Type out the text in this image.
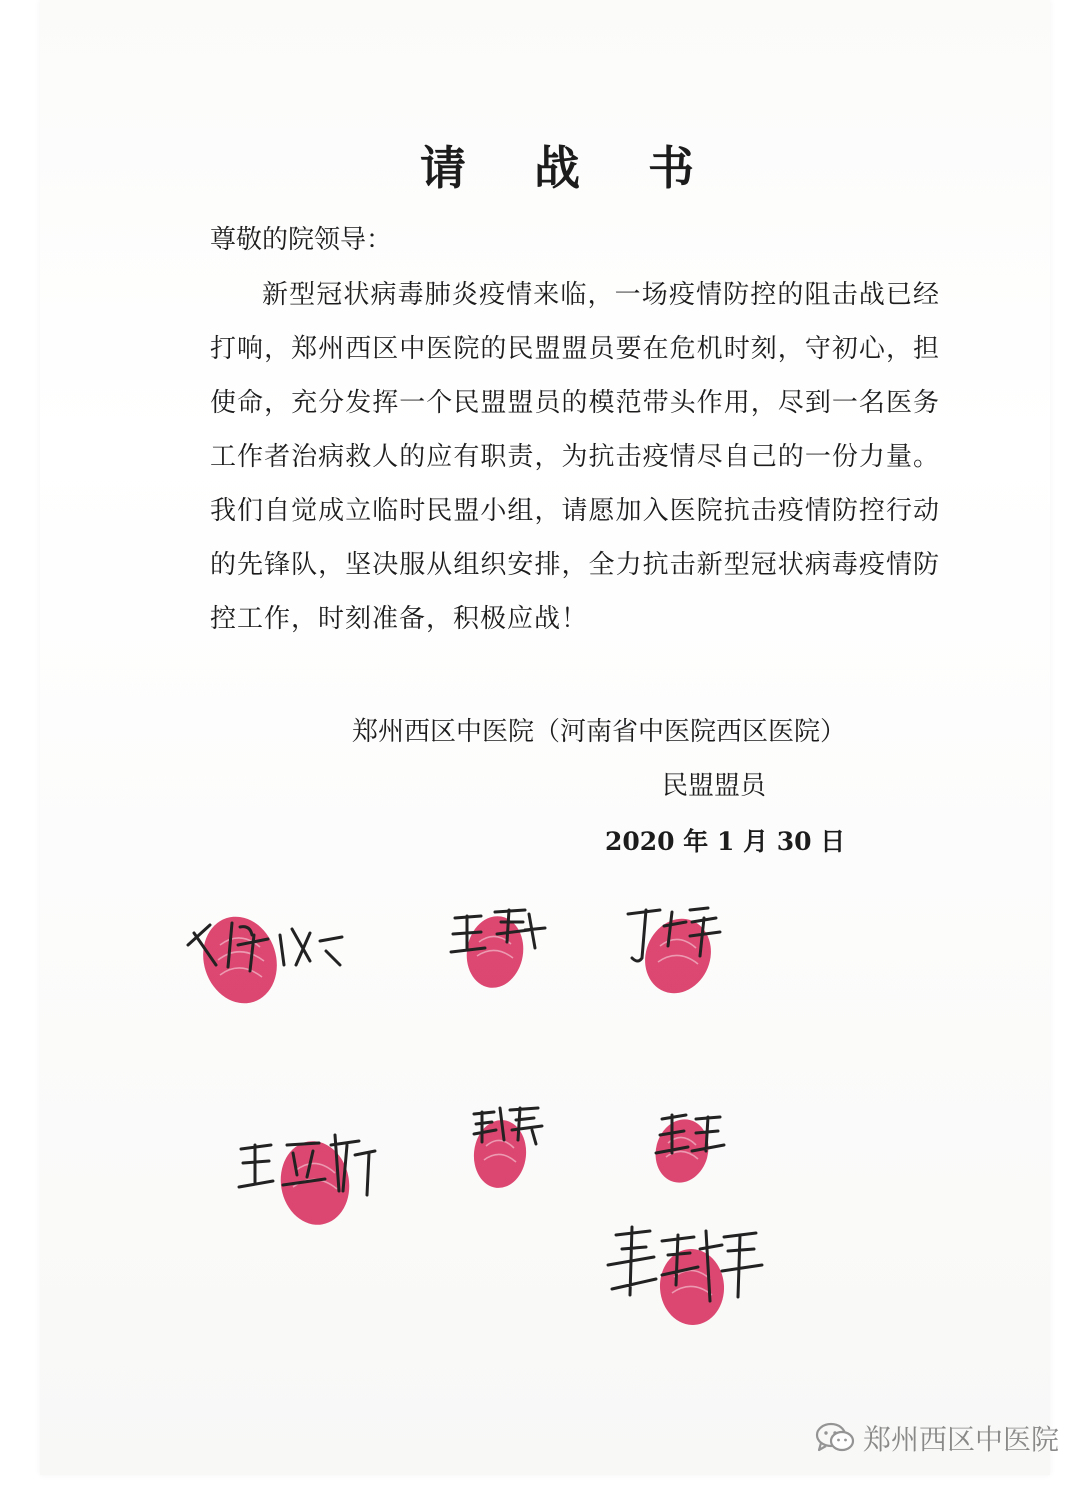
请 战 书
尊敬的院领导：
新型冠状病毒肺炎疫情来临，一场疫情防控的阻击战已经打响，郑州西区中医院的民盟盟员要在危机时刻，守初心，担使命，充分发挥一个民盟盟员的模范带头作用，尽到一名医务工作者治病救人的应有职责，为抗击疫情尽自己的一份力量。我们自觉成立临时民盟小组，请愿加入医院抗击疫情防控行动的先锋队，坚决服从组织安排，全力抗击新型冠状病毒疫情防控工作，时刻准备，积极应战！
郑州西区中医院（河南省中医院西区医院）
民盟盟员
2020 年 1 月 30 日
郑州西区中医院
